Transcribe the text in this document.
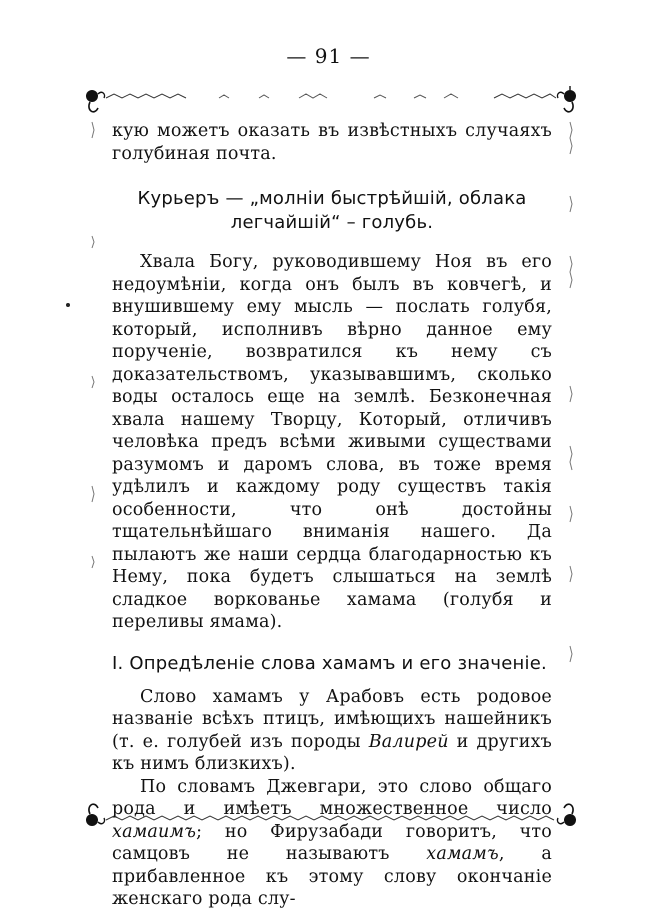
— 91 —

кую можетъ оказать въ извѣстныхъ случаяхъ голубиная почта.

Курьеръ — „молніи быстрѣйшій, облака

легчайшій“ – голубь.

Хвала Богу, руководившему Ноя въ его недоумѣніи, когда онъ былъ въ ковчегѣ, и внушившему ему мысль — послать голубя, который, исполнивъ вѣрно данное ему порученіе, возвратился къ нему съ доказательствомъ, указывавшимъ, сколько воды осталось еще на землѣ. Безконечная хвала нашему Творцу, Который, отличивъ человѣка предъ всѣми живыми существами разумомъ и даромъ слова, въ тоже время удѣлилъ и каждому роду существъ такія особенности, что онѣ достойны тщательнѣйшаго вниманія нашего. Да пылаютъ же наши сердца благодарностью къ Нему, пока будетъ слышаться на землѣ сладкое воркованье хамама (голубя и переливы ямама).

I. Опредѣленіе слова хамамъ и его значеніе.

Слово хамамъ у Арабовъ есть родовое названіе всѣхъ птицъ, имѣющихъ нашейникъ (т. е. голубей изъ породы Валирей и другихъ къ нимъ близкихъ).

По словамъ Джевгари, это слово общаго рода и имѣетъ множественное число хамаимъ; но Фирузабади говоритъ, что самцовъ не называютъ хамамъ, а прибавленное къ этому слову окончаніе женскаго рода слу-
